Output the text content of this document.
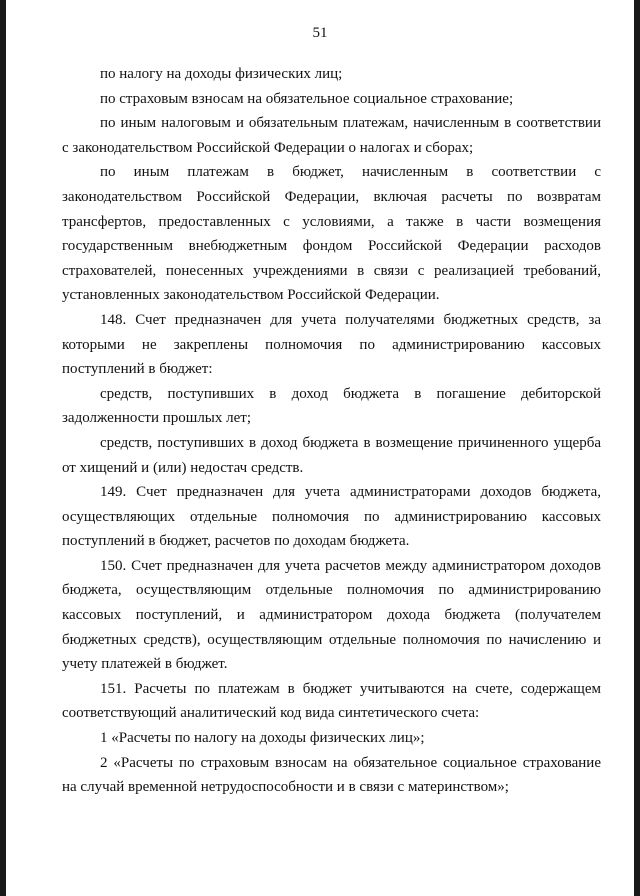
51

по налогу на доходы физических лиц;

по страховым взносам на обязательное социальное страхование;

по иным налоговым и обязательным платежам, начисленным в соответствии с законодательством Российской Федерации о налогах и сборах;

по иным платежам в бюджет, начисленным в соответствии с законодательством Российской Федерации, включая расчеты по возвратам трансфертов, предоставленных с условиями, а также в части возмещения государственным внебюджетным фондом Российской Федерации расходов страхователей, понесенных учреждениями в связи с реализацией требований, установленных законодательством Российской Федерации.

148. Счет предназначен для учета получателями бюджетных средств, за которыми не закреплены полномочия по администрированию кассовых поступлений в бюджет:

средств, поступивших в доход бюджета в погашение дебиторской задолженности прошлых лет;

средств, поступивших в доход бюджета в возмещение причиненного ущерба от хищений и (или) недостач средств.

149. Счет предназначен для учета администраторами доходов бюджета, осуществляющих отдельные полномочия по администрированию кассовых поступлений в бюджет, расчетов по доходам бюджета.

150. Счет предназначен для учета расчетов между администратором доходов бюджета, осуществляющим отдельные полномочия по администрированию кассовых поступлений, и администратором дохода бюджета (получателем бюджетных средств), осуществляющим отдельные полномочия по начислению и учету платежей в бюджет.

151. Расчеты по платежам в бюджет учитываются на счете, содержащем соответствующий аналитический код вида синтетического счета:

1 «Расчеты по налогу на доходы физических лиц»;

2 «Расчеты по страховым взносам на обязательное социальное страхование на случай временной нетрудоспособности и в связи с материнством»;
